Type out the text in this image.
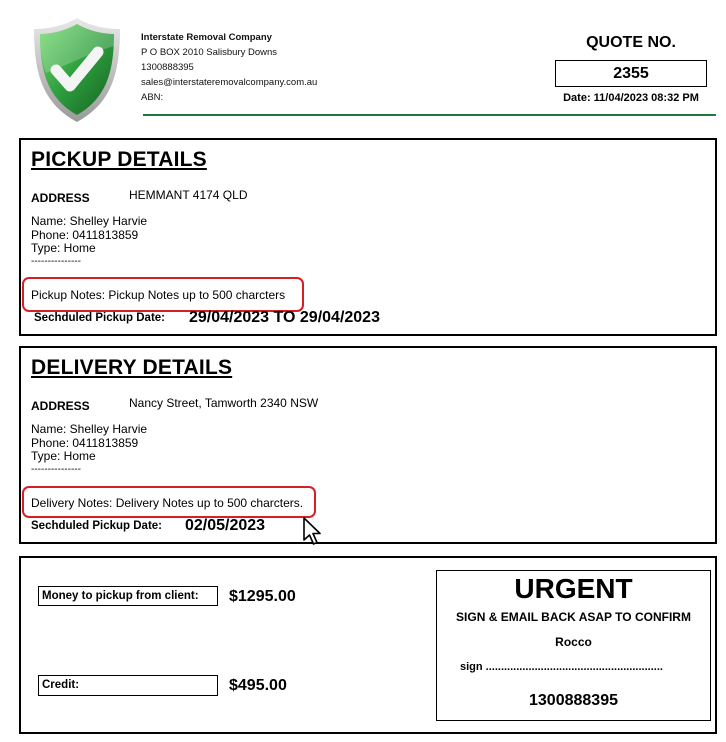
Interstate Removal Company
P O BOX 2010 Salisbury Downs
1300888395
sales@interstateremovalcompany.com.au
ABN:
QUOTE NO.
2355
Date: 11/04/2023 08:32 PM
PICKUP DETAILS
ADDRESS	HEMMANT 4174 QLD
Name: Shelley Harvie
Phone: 0411813859
Type: Home
---------------
Pickup Notes: Pickup Notes up to 500 charcters
Sechduled Pickup Date: 29/04/2023 TO 29/04/2023
DELIVERY DETAILS
ADDRESS	Nancy Street, Tamworth 2340 NSW
Name: Shelley Harvie
Phone: 0411813859
Type: Home
---------------
Delivery Notes: Delivery Notes up to 500 charcters.
Sechduled Pickup Date: 02/05/2023
Money to pickup from client:	$1295.00
Credit:	$495.00
URGENT
SIGN & EMAIL BACK ASAP TO CONFIRM
Rocco
sign ..........................................................
1300888395
